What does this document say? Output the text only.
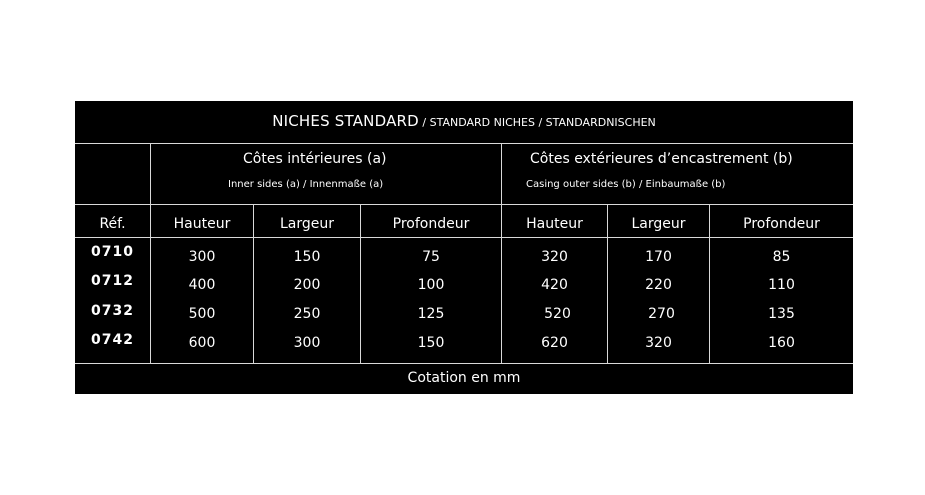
NICHES STANDARD / STANDARD NICHES / STANDARDNISCHEN
Côtes intérieures (a)
Inner sides (a) / Innenmaße (a)
Côtes extérieures d’encastrement (b)
Casing outer sides (b) / Einbaumaße (b)
Réf.	Hauteur	Largeur	Profondeur	Hauteur	Largeur	Profondeur
0710	300	150	75	320	170	85
0712	400	200	100	420	220	110
0732	500	250	125	520	270	135
0742	600	300	150	620	320	160
Cotation en mm
